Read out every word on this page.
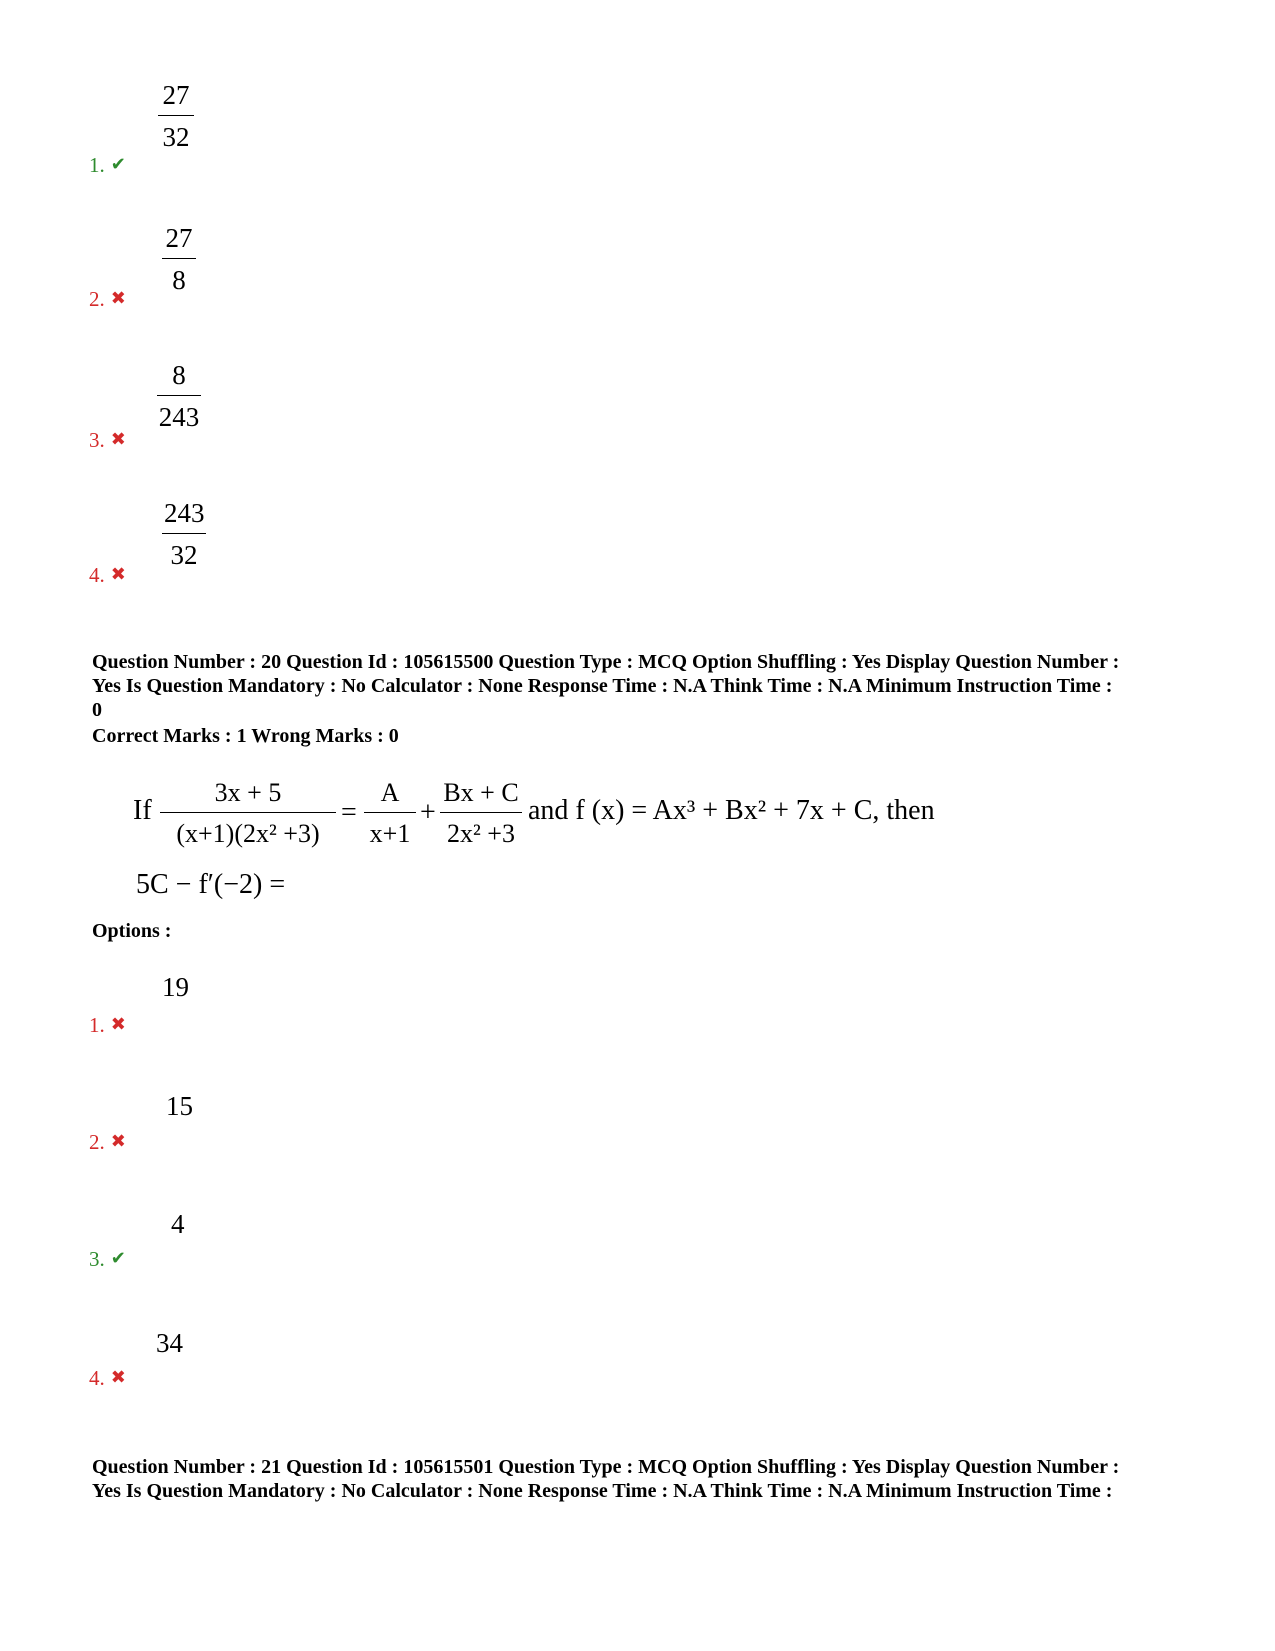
27
32
1. ✔
27
8
2. ✖
8
243
3. ✖
243
32
4. ✖
Question Number : 20 Question Id : 105615500 Question Type : MCQ Option Shuffling : Yes Display Question Number :
Yes Is Question Mandatory : No Calculator : None Response Time : N.A Think Time : N.A Minimum Instruction Time :
0
Correct Marks : 1 Wrong Marks : 0
If
3x + 5
(x+1)(2x² +3)
=
A
x+1
+
Bx + C
2x² +3
and f (x) = Ax³ + Bx² + 7x + C, then
5C − f′(−2) =
Options :
19
1. ✖
15
2. ✖
4
3. ✔
34
4. ✖
Question Number : 21 Question Id : 105615501 Question Type : MCQ Option Shuffling : Yes Display Question Number :
Yes Is Question Mandatory : No Calculator : None Response Time : N.A Think Time : N.A Minimum Instruction Time :
